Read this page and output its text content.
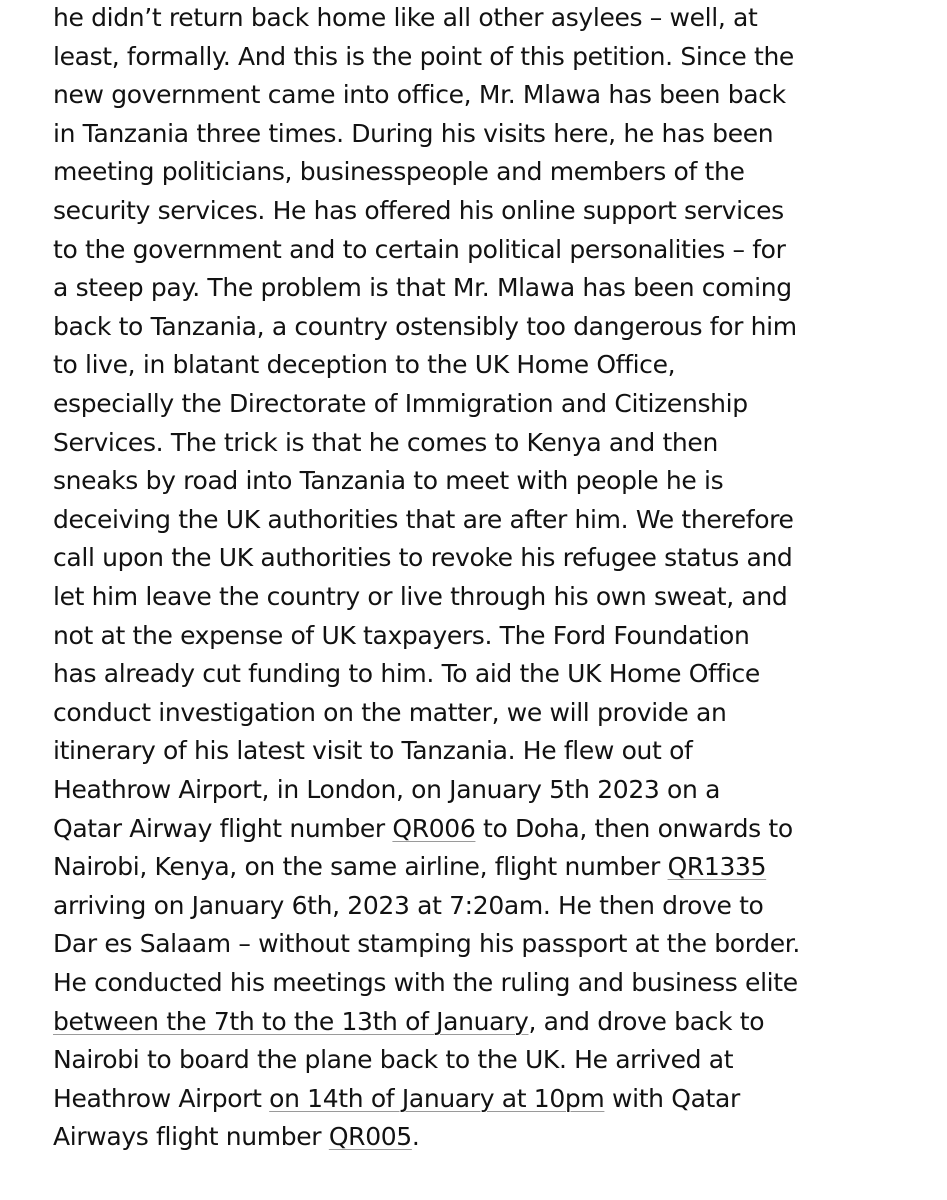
he didn’t return back home like all other asylees – well, at
least, formally. And this is the point of this petition. Since the
new government came into office, Mr. Mlawa has been back
in Tanzania three times. During his visits here, he has been
meeting politicians, businesspeople and members of the
security services. He has offered his online support services
to the government and to certain political personalities – for
a steep pay. The problem is that Mr. Mlawa has been coming
back to Tanzania, a country ostensibly too dangerous for him
to live, in blatant deception to the UK Home Office,
especially the Directorate of Immigration and Citizenship
Services. The trick is that he comes to Kenya and then
sneaks by road into Tanzania to meet with people he is
deceiving the UK authorities that are after him. We therefore
call upon the UK authorities to revoke his refugee status and
let him leave the country or live through his own sweat, and
not at the expense of UK taxpayers. The Ford Foundation
has already cut funding to him. To aid the UK Home Office
conduct investigation on the matter, we will provide an
itinerary of his latest visit to Tanzania. He flew out of
Heathrow Airport, in London, on January 5th 2023 on a
Qatar Airway flight number QR006 to Doha, then onwards to
Nairobi, Kenya, on the same airline, flight number QR1335
arriving on January 6th, 2023 at 7:20am. He then drove to
Dar es Salaam – without stamping his passport at the border.
He conducted his meetings with the ruling and business elite
between the 7th to the 13th of January, and drove back to
Nairobi to board the plane back to the UK. He arrived at
Heathrow Airport on 14th of January at 10pm with Qatar
Airways flight number QR005.
